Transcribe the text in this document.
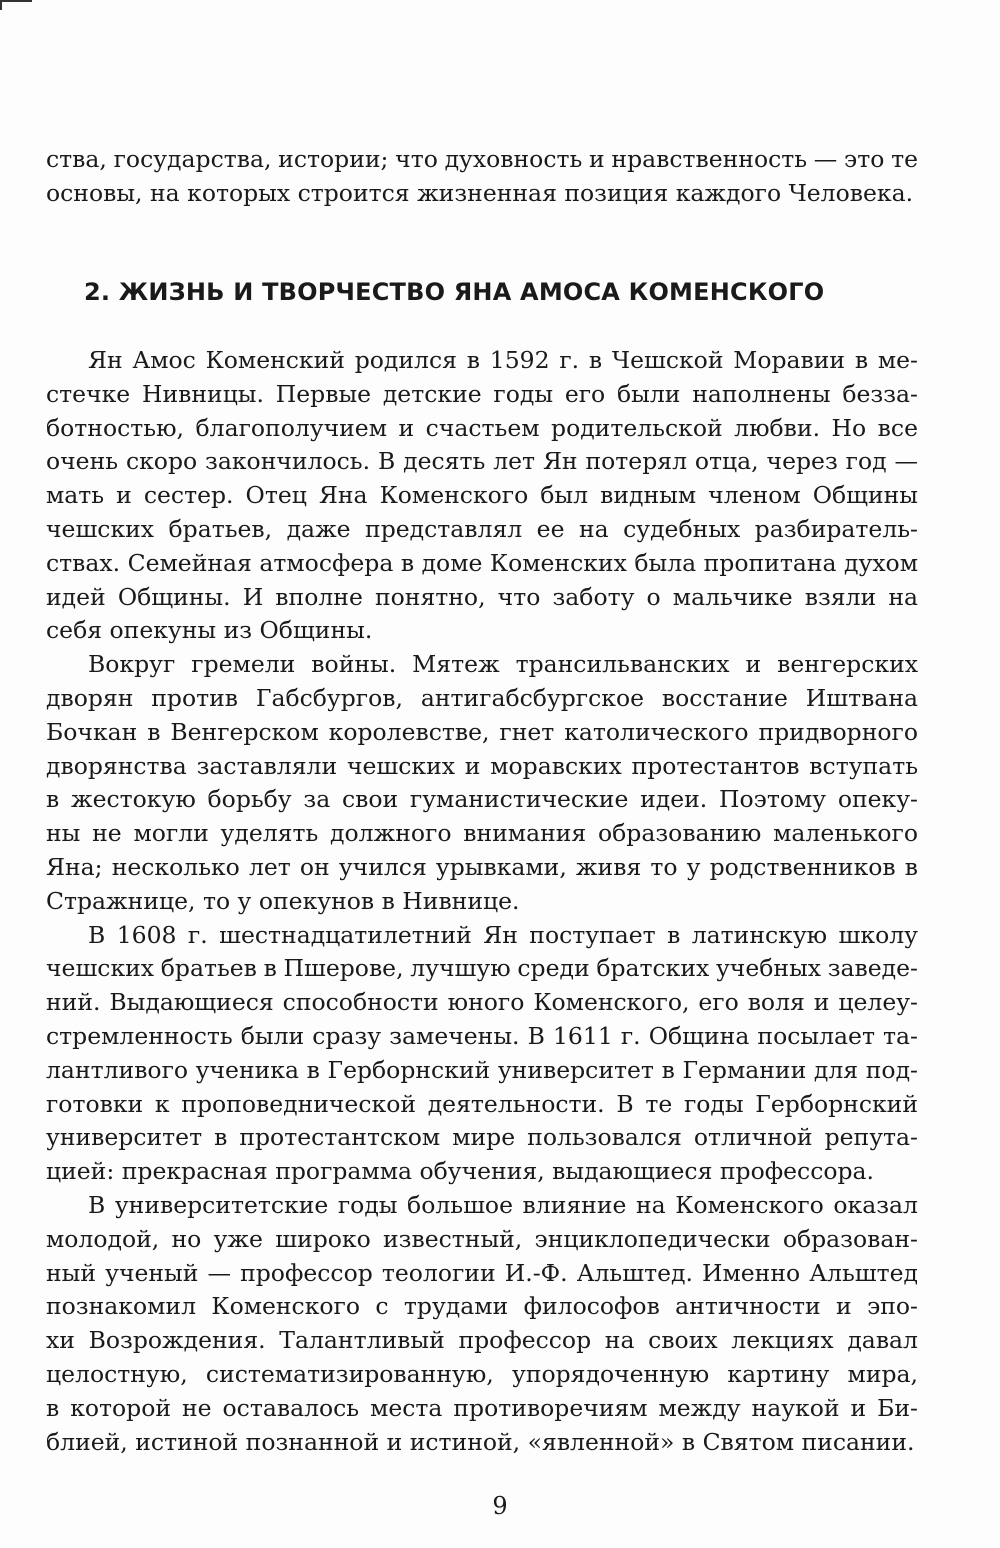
ства, государства, истории; что духовность и нравственность — это те
основы, на которых строится жизненная позиция каждого Человека.
2. ЖИЗНЬ И ТВОРЧЕСТВО ЯНА АМОСА КОМЕНСКОГО
Ян Амос Коменский родился в 1592 г. в Чешской Моравии в ме-
стечке Нивницы. Первые детские годы его были наполнены безза-
ботностью, благополучием и счастьем родительской любви. Но все
очень скоро закончилось. В десять лет Ян потерял отца, через год —
мать и сестер. Отец Яна Коменского был видным членом Общины
чешских братьев, даже представлял ее на судебных разбиратель-
ствах. Семейная атмосфера в доме Коменских была пропитана духом
идей Общины. И вполне понятно, что заботу о мальчике взяли на
себя опекуны из Общины.
Вокруг гремели войны. Мятеж трансильванских и венгерских
дворян против Габсбургов, антигабсбургское восстание Иштвана
Бочкан в Венгерском королевстве, гнет католического придворного
дворянства заставляли чешских и моравских протестантов вступать
в жестокую борьбу за свои гуманистические идеи. Поэтому опеку-
ны не могли уделять должного внимания образованию маленького
Яна; несколько лет он учился урывками, живя то у родственников в
Стражнице, то у опекунов в Нивнице.
В 1608 г. шестнадцатилетний Ян поступает в латинскую школу
чешских братьев в Пшерове, лучшую среди братских учебных заведе-
ний. Выдающиеся способности юного Коменского, его воля и целеу-
стремленность были сразу замечены. В 1611 г. Община посылает та-
лантливого ученика в Герборнский университет в Германии для под-
готовки к проповеднической деятельности. В те годы Герборнский
университет в протестантском мире пользовался отличной репута-
цией: прекрасная программа обучения, выдающиеся профессора.
В университетские годы большое влияние на Коменского оказал
молодой, но уже широко известный, энциклопедически образован-
ный ученый — профессор теологии И.-Ф. Альштед. Именно Альштед
познакомил Коменского с трудами философов античности и эпо-
хи Возрождения. Талантливый профессор на своих лекциях давал
целостную, систематизированную, упорядоченную картину мира,
в которой не оставалось места противоречиям между наукой и Би-
блией, истиной познанной и истиной, «явленной» в Святом писании.
9
